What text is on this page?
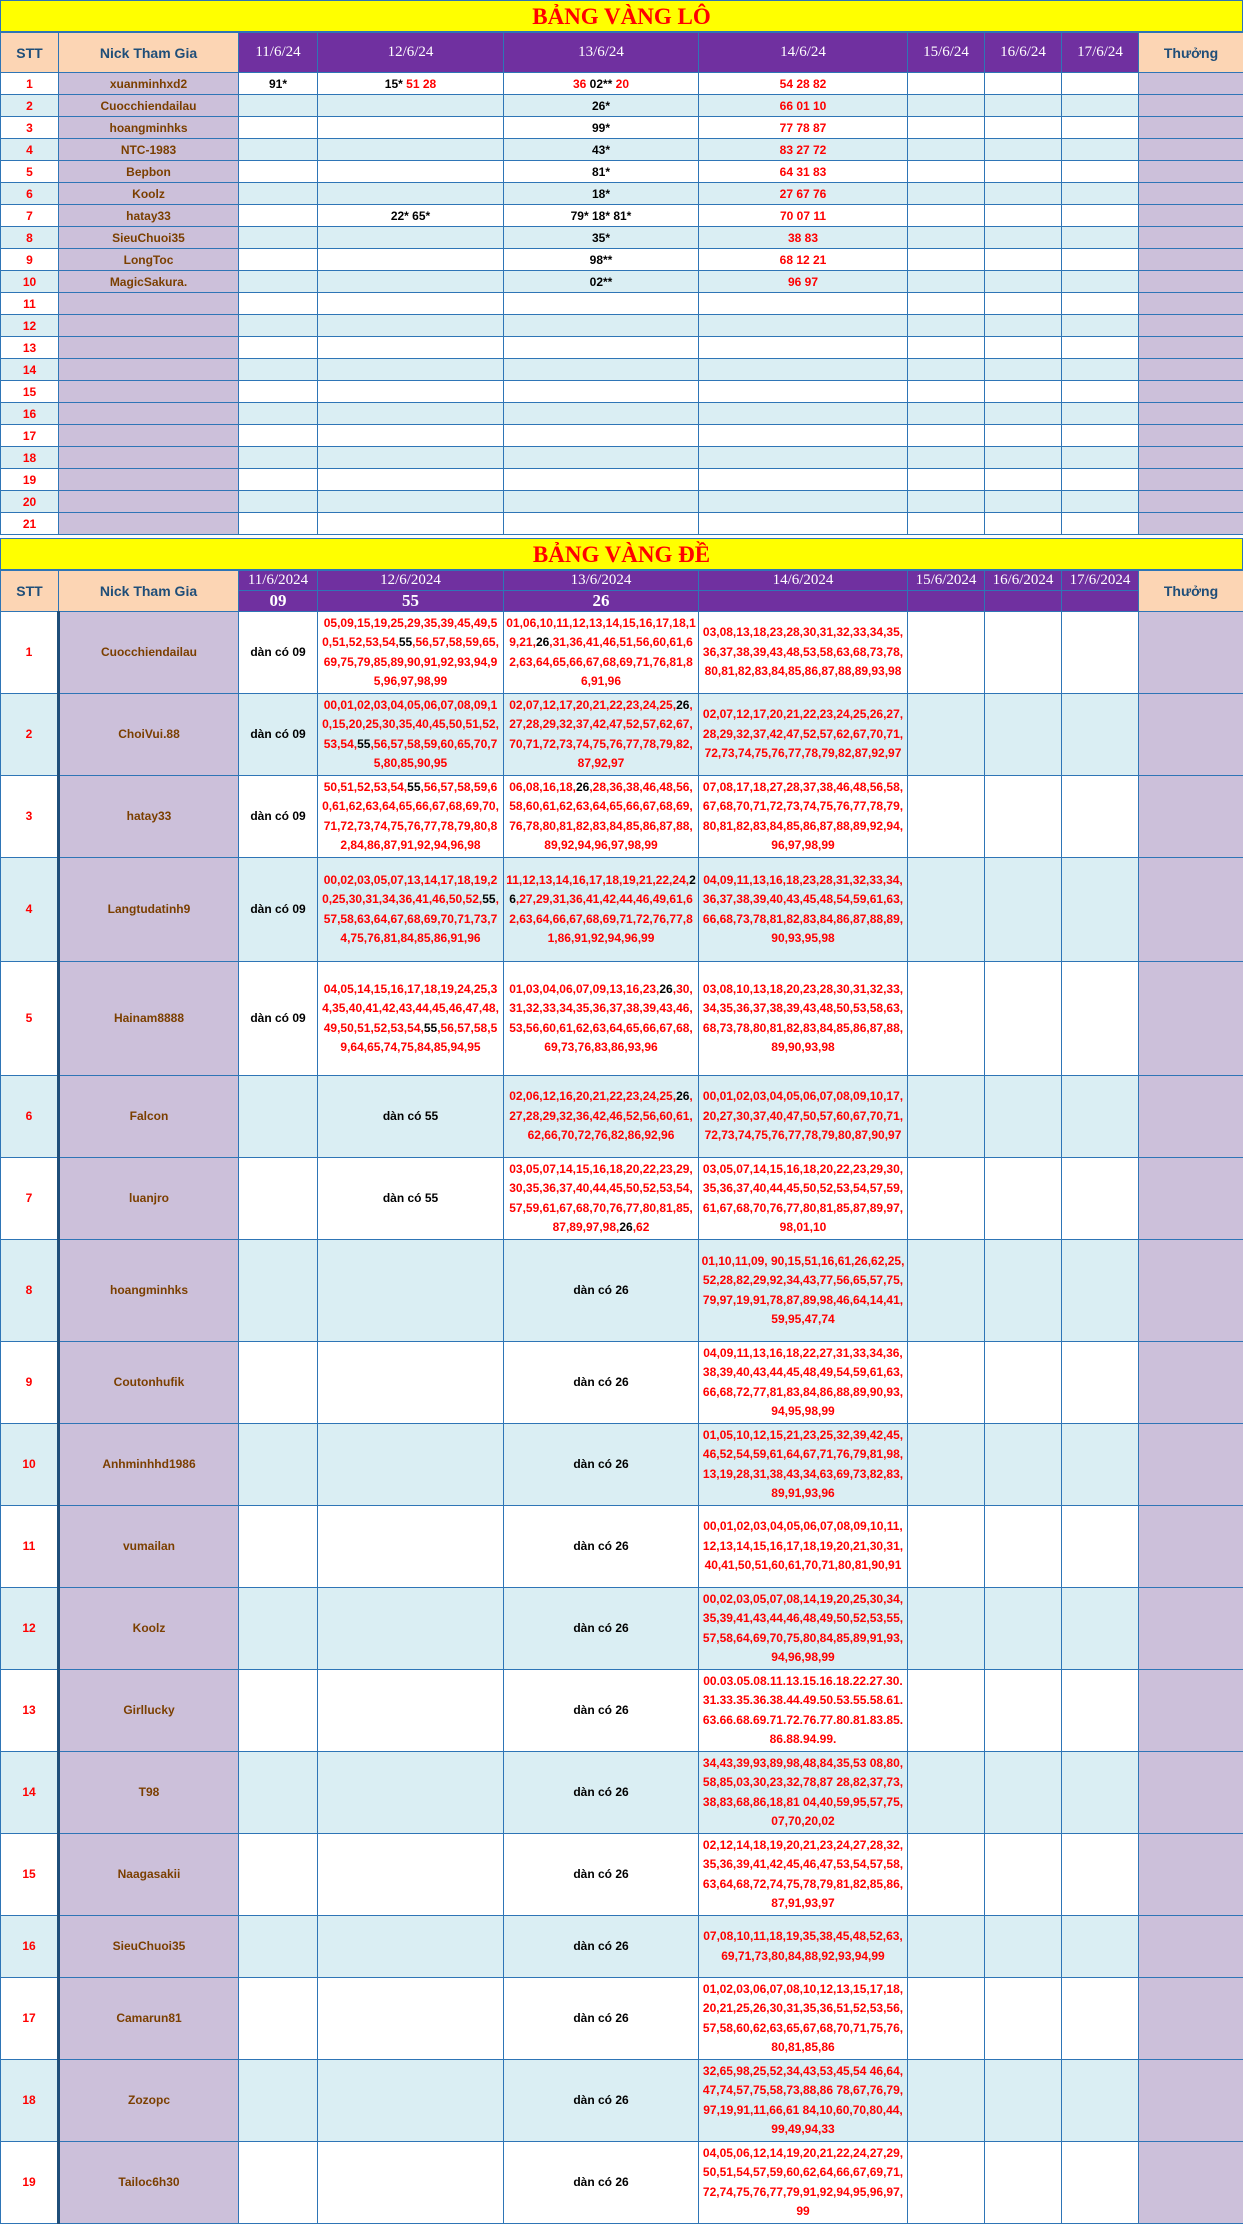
BẢNG VÀNG LÔ
STT	Nick Tham Gia	11/6/24	12/6/24	13/6/24	14/6/24	15/6/24	16/6/24	17/6/24	Thưởng
1	xuanminhxd2	91*	15* 51 28	36 02** 20	54 28 82				
2	Cuocchiendailau			26*	66 01 10				
3	hoangminhks			99*	77 78 87				
4	NTC-1983			43*	83 27 72				
5	Bepbon			81*	64 31 83				
6	Koolz			18*	27 67 76				
7	hatay33		22* 65*	79* 18* 81*	70 07 11				
8	SieuChuoi35			35*	38 83				
9	LongToc			98**	68 12 21				
10	MagicSakura.			02**	96 97				
11									
12									
13									
14									
15									
16									
17									
18									
19									
20									
21									
BẢNG VÀNG ĐỀ
STT	Nick Tham Gia	11/6/2024	12/6/2024	13/6/2024	14/6/2024	15/6/2024	16/6/2024	17/6/2024	Thưởng
		09	55	26					
1	Cuocchiendailau	dàn có 09	05,09,15,19,25,29,35,39,45,49,50,51,52,53,54,55,56,57,58,59,65,69,75,79,85,89,90,91,92,93,94,95,96,97,98,99	01,06,10,11,12,13,14,15,16,17,18,19,21,26,31,36,41,46,51,56,60,61,62,63,64,65,66,67,68,69,71,76,81,86,91,96	03,08,13,18,23,28,30,31,32,33,34,35,36,37,38,39,43,48,53,58,63,68,73,78,80,81,82,83,84,85,86,87,88,89,93,98				
2	ChoiVui.88	dàn có 09	00,01,02,03,04,05,06,07,08,09,10,15,20,25,30,35,40,45,50,51,52,53,54,55,56,57,58,59,60,65,70,75,80,85,90,95	02,07,12,17,20,21,22,23,24,25,26,27,28,29,32,37,42,47,52,57,62,67,70,71,72,73,74,75,76,77,78,79,82,87,92,97	02,07,12,17,20,21,22,23,24,25,26,27,28,29,32,37,42,47,52,57,62,67,70,71,72,73,74,75,76,77,78,79,82,87,92,97				
3	hatay33	dàn có 09	50,51,52,53,54,55,56,57,58,59,60,61,62,63,64,65,66,67,68,69,70,71,72,73,74,75,76,77,78,79,80,82,84,86,87,91,92,94,96,98	06,08,16,18,26,28,36,38,46,48,56,58,60,61,62,63,64,65,66,67,68,69,76,78,80,81,82,83,84,85,86,87,88,89,92,94,96,97,98,99	07,08,17,18,27,28,37,38,46,48,56,58,67,68,70,71,72,73,74,75,76,77,78,79,80,81,82,83,84,85,86,87,88,89,92,94,96,97,98,99				
4	Langtudatinh9	dàn có 09	00,02,03,05,07,13,14,17,18,19,20,25,30,31,34,36,41,46,50,52,55,57,58,63,64,67,68,69,70,71,73,74,75,76,81,84,85,86,91,96	11,12,13,14,16,17,18,19,21,22,24,26,27,29,31,36,41,42,44,46,49,61,62,63,64,66,67,68,69,71,72,76,77,81,86,91,92,94,96,99	04,09,11,13,16,18,23,28,31,32,33,34,36,37,38,39,40,43,45,48,54,59,61,63,66,68,73,78,81,82,83,84,86,87,88,89,90,93,95,98				
5	Hainam8888	dàn có 09	04,05,14,15,16,17,18,19,24,25,34,35,40,41,42,43,44,45,46,47,48,49,50,51,52,53,54,55,56,57,58,59,64,65,74,75,84,85,94,95	01,03,04,06,07,09,13,16,23,26,30,31,32,33,34,35,36,37,38,39,43,46,53,56,60,61,62,63,64,65,66,67,68,69,73,76,83,86,93,96	03,08,10,13,18,20,23,28,30,31,32,33,34,35,36,37,38,39,43,48,50,53,58,63,68,73,78,80,81,82,83,84,85,86,87,88,89,90,93,98				
6	Falcon		dàn có 55	02,06,12,16,20,21,22,23,24,25,26,27,28,29,32,36,42,46,52,56,60,61,62,66,70,72,76,82,86,92,96	00,01,02,03,04,05,06,07,08,09,10,17,20,27,30,37,40,47,50,57,60,67,70,71,72,73,74,75,76,77,78,79,80,87,90,97				
7	luanjro		dàn có 55	03,05,07,14,15,16,18,20,22,23,29,30,35,36,37,40,44,45,50,52,53,54,57,59,61,67,68,70,76,77,80,81,85,87,89,97,98,26,62	03,05,07,14,15,16,18,20,22,23,29,30,35,36,37,40,44,45,50,52,53,54,57,59,61,67,68,70,76,77,80,81,85,87,89,97,98,01,10				
8	hoangminhks			dàn có 26	01,10,11,09, 90,15,51,16,61,26,62,25,52,28,82,29,92,34,43,77,56,65,57,75,79,97,19,91,78,87,89,98,46,64,14,41,59,95,47,74				
9	Coutonhufik			dàn có 26	04,09,11,13,16,18,22,27,31,33,34,36,38,39,40,43,44,45,48,49,54,59,61,63,66,68,72,77,81,83,84,86,88,89,90,93,94,95,98,99				
10	Anhminhhd1986			dàn có 26	01,05,10,12,15,21,23,25,32,39,42,45,46,52,54,59,61,64,67,71,76,79,81,98,13,19,28,31,38,43,34,63,69,73,82,83,89,91,93,96				
11	vumailan			dàn có 26	00,01,02,03,04,05,06,07,08,09,10,11,12,13,14,15,16,17,18,19,20,21,30,31,40,41,50,51,60,61,70,71,80,81,90,91				
12	Koolz			dàn có 26	00,02,03,05,07,08,14,19,20,25,30,34,35,39,41,43,44,46,48,49,50,52,53,55,57,58,64,69,70,75,80,84,85,89,91,93,94,96,98,99				
13	Girllucky			dàn có 26	00.03.05.08.11.13.15.16.18.22.27.30.31.33.35.36.38.44.49.50.53.55.58.61.63.66.68.69.71.72.76.77.80.81.83.85.86.88.94.99.				
14	T98			dàn có 26	34,43,39,93,89,98,48,84,35,53 08,80,58,85,03,30,23,32,78,87 28,82,37,73,38,83,68,86,18,81 04,40,59,95,57,75,07,70,20,02				
15	Naagasakii			dàn có 26	02,12,14,18,19,20,21,23,24,27,28,32,35,36,39,41,42,45,46,47,53,54,57,58,63,64,68,72,74,75,78,79,81,82,85,86,87,91,93,97				
16	SieuChuoi35			dàn có 26	07,08,10,11,18,19,35,38,45,48,52,63,69,71,73,80,84,88,92,93,94,99				
17	Camarun81			dàn có 26	01,02,03,06,07,08,10,12,13,15,17,18,20,21,25,26,30,31,35,36,51,52,53,56,57,58,60,62,63,65,67,68,70,71,75,76,80,81,85,86				
18	Zozopc			dàn có 26	32,65,98,25,52,34,43,53,45,54 46,64,47,74,57,75,58,73,88,86 78,67,76,79,97,19,91,11,66,61 84,10,60,70,80,44,99,49,94,33				
19	Tailoc6h30			dàn có 26	04,05,06,12,14,19,20,21,22,24,27,29,50,51,54,57,59,60,62,64,66,67,69,71,72,74,75,76,77,79,91,92,94,95,96,97,99				
